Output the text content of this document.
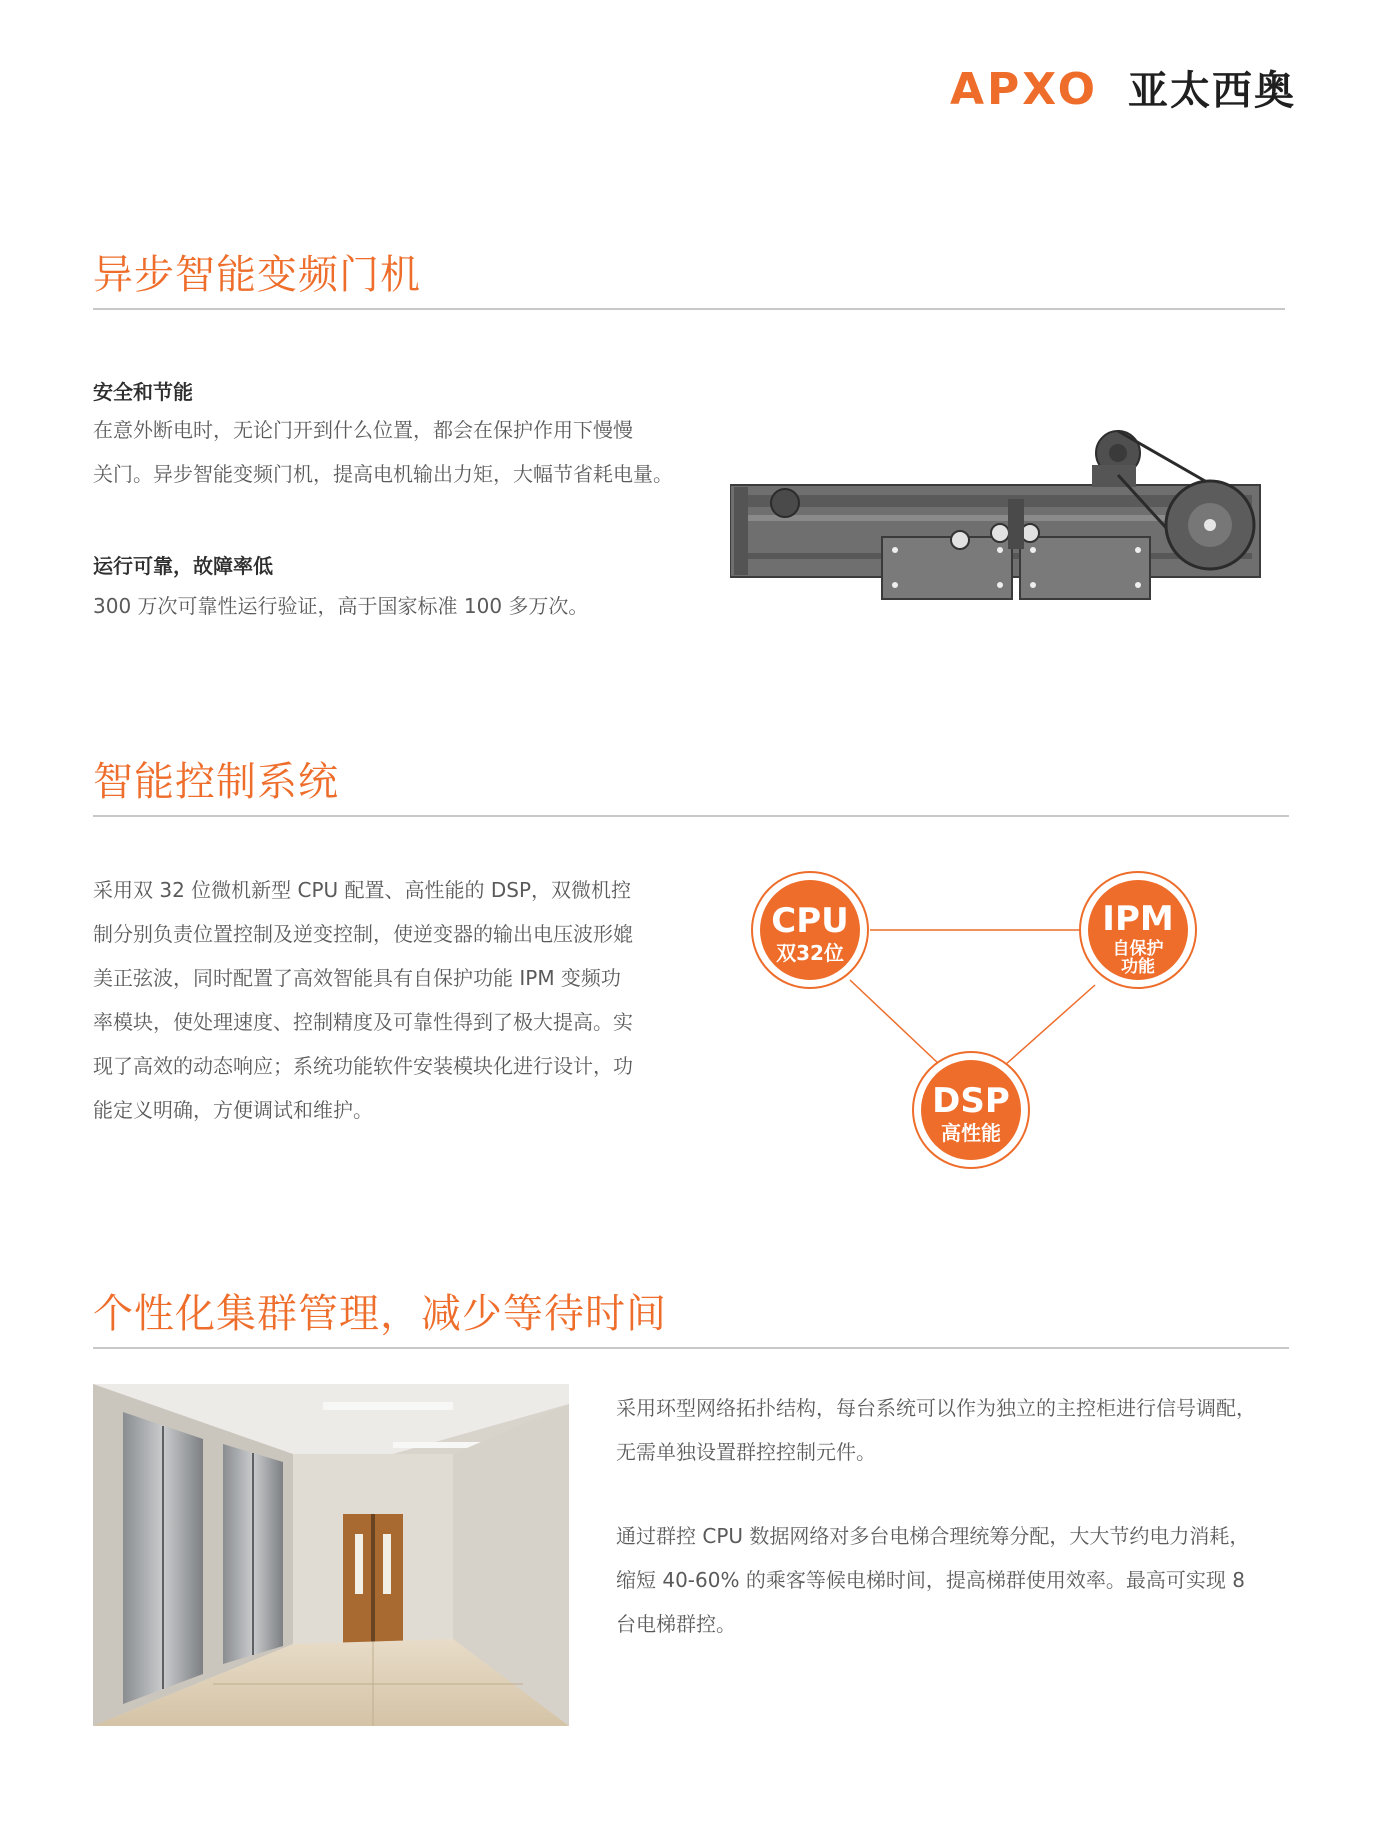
APXO 亚太西奥
异步智能变频门机
安全和节能
在意外断电时，无论门开到什么位置，都会在保护作用下慢慢
关门。异步智能变频门机，提高电机输出力矩，大幅节省耗电量。
运行可靠，故障率低
300 万次可靠性运行验证，高于国家标准 100 多万次。
智能控制系统
采用双 32 位微机新型 CPU 配置、高性能的 DSP，双微机控
制分别负责位置控制及逆变控制，使逆变器的输出电压波形媲
美正弦波，同时配置了高效智能具有自保护功能 IPM 变频功
率模块，使处理速度、控制精度及可靠性得到了极大提高。实
现了高效的动态响应；系统功能软件安装模块化进行设计，功
能定义明确，方便调试和维护。
CPU
双32位
IPM
自保护
功能
DSP
高性能
个性化集群管理，减少等待时间
采用环型网络拓扑结构，每台系统可以作为独立的主控柜进行信号调配，
无需单独设置群控控制元件。
通过群控 CPU 数据网络对多台电梯合理统筹分配，大大节约电力消耗，
缩短 40-60% 的乘客等候电梯时间，提高梯群使用效率。最高可实现 8
台电梯群控。
